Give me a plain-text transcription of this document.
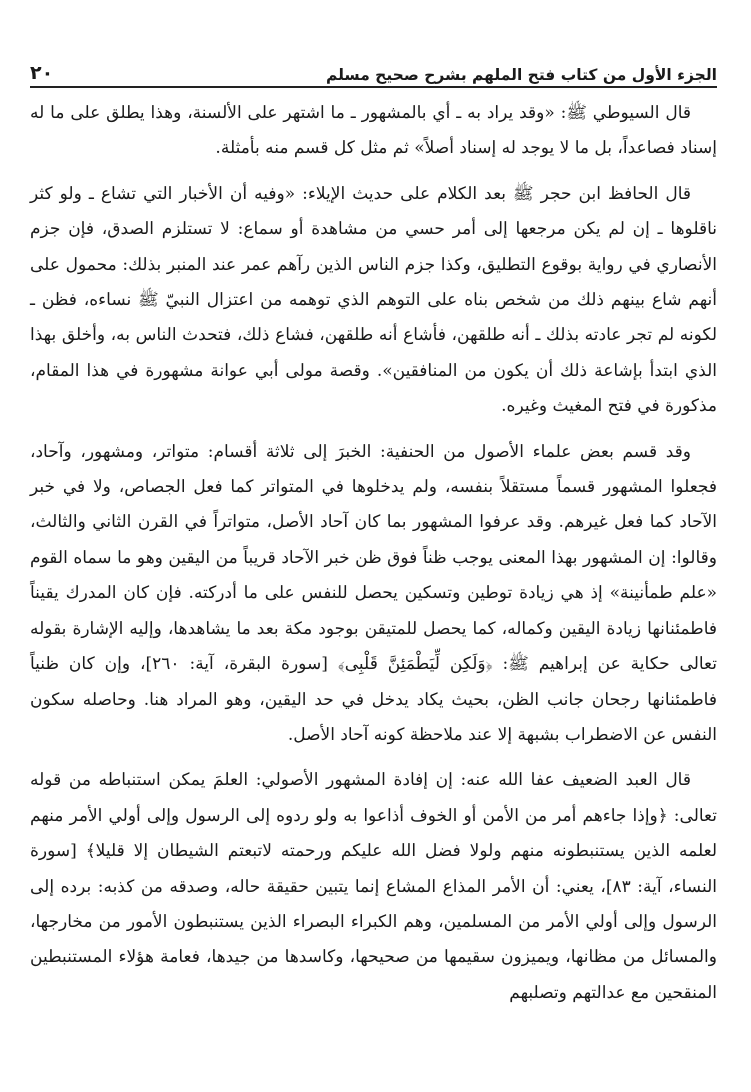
٢٠	الجزء الأول من كتاب فتح الملهم بشرح صحيح مسلم

قال السيوطي ﷺ: «وقد يراد به ـ أي بالمشهور ـ ما اشتهر على الألسنة، وهذا يطلق على ما له إسناد فصاعداً، بل ما لا يوجد له إسناد أصلاً» ثم مثل كل قسم منه بأمثلة.

قال الحافظ ابن حجر ﷺ بعد الكلام على حديث الإيلاء: «وفيه أن الأخبار التي تشاع ـ ولو كثر ناقلوها ـ إن لم يكن مرجعها إلى أمر حسي من مشاهدة أو سماع: لا تستلزم الصدق، فإن جزم الأنصاري في رواية بوقوع التطليق، وكذا جزم الناس الذين رآهم عمر عند المنبر بذلك: محمول على أنهم شاع بينهم ذلك من شخص بناه على التوهم الذي توهمه من اعتزال النبيّ ﷺ نساءه، فظن ـ لكونه لم تجر عادته بذلك ـ أنه طلقهن، فأشاع أنه طلقهن، فشاع ذلك، فتحدث الناس به، وأخلق بهذا الذي ابتدأ بإشاعة ذلك أن يكون من المنافقين». وقصة مولى أبي عوانة مشهورة في هذا المقام، مذكورة في فتح المغيث وغيره.

وقد قسم بعض علماء الأصول من الحنفية: الخبرَ إلى ثلاثة أقسام: متواتر، ومشهور، وآحاد، فجعلوا المشهور قسماً مستقلاً بنفسه، ولم يدخلوها في المتواتر كما فعل الجصاص، ولا في خبر الآحاد كما فعل غيرهم. وقد عرفوا المشهور بما كان آحاد الأصل، متواتراً في القرن الثاني والثالث، وقالوا: إن المشهور بهذا المعنى يوجب ظناً فوق ظن خبر الآحاد قريباً من اليقين وهو ما سماه القوم «علم طمأنينة» إذ هي زيادة توطين وتسكين يحصل للنفس على ما أدركته. فإن كان المدرك يقيناً فاطمئنانها زيادة اليقين وكماله، كما يحصل للمتيقن بوجود مكة بعد ما يشاهدها، وإليه الإشارة بقوله تعالى حكاية عن إبراهيم ﷺ: ﴿وَلَكِن لِّيَطْمَئِنَّ قَلْبِى﴾ [سورة البقرة، آية: ٢٦٠]، وإن كان ظنياً فاطمئنانها رجحان جانب الظن، بحيث يكاد يدخل في حد اليقين، وهو المراد هنا. وحاصله سكون النفس عن الاضطراب بشبهة إلا عند ملاحظة كونه آحاد الأصل.

قال العبد الضعيف عفا الله عنه: إن إفادة المشهور الأصولي: العلمَ يمكن استنباطه من قوله تعالى: ﴿وإذا جاءهم أمر من الأمن أو الخوف أذاعوا به ولو ردوه إلى الرسول وإلى أولي الأمر منهم لعلمه الذين يستنبطونه منهم ولولا فضل الله عليكم ورحمته لاتبعتم الشيطان إلا قليلا﴾ [سورة النساء، آية: ٨٣]، يعني: أن الأمر المذاع المشاع إنما يتبين حقيقة حاله، وصدقه من كذبه: برده إلى الرسول وإلى أولي الأمر من المسلمين، وهم الكبراء البصراء الذين يستنبطون الأمور من مخارجها، والمسائل من مظانها، ويميزون سقيمها من صحيحها، وكاسدها من جيدها، فعامة هؤلاء المستنبطين المنقحين مع عدالتهم وتصلبهم
